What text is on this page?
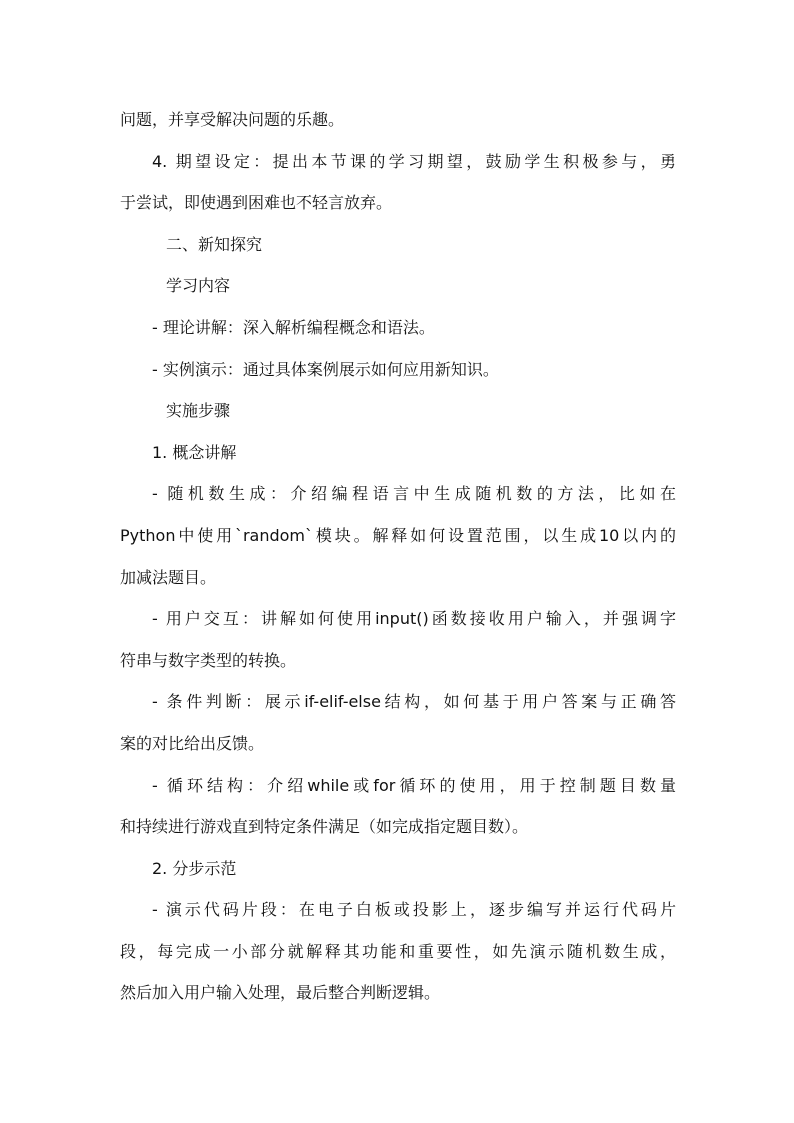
问题，并享受解决问题的乐趣。
4. 期望设定：提出本节课的学习期望，鼓励学生积极参与，勇
于尝试，即使遇到困难也不轻言放弃。
二、新知探究
学习内容
- 理论讲解：深入解析编程概念和语法。
- 实例演示：通过具体案例展示如何应用新知识。
实施步骤
1. 概念讲解
- 随机数生成：介绍编程语言中生成随机数的方法，比如在
Python中使用`random`模块。解释如何设置范围，以生成10以内的
加减法题目。
- 用户交互：讲解如何使用input()函数接收用户输入，并强调字
符串与数字类型的转换。
- 条件判断：展示if-elif-else结构，如何基于用户答案与正确答
案的对比给出反馈。
- 循环结构：介绍while或for循环的使用，用于控制题目数量
和持续进行游戏直到特定条件满足（如完成指定题目数）。
2. 分步示范
- 演示代码片段：在电子白板或投影上，逐步编写并运行代码片
段，每完成一小部分就解释其功能和重要性，如先演示随机数生成，
然后加入用户输入处理，最后整合判断逻辑。
